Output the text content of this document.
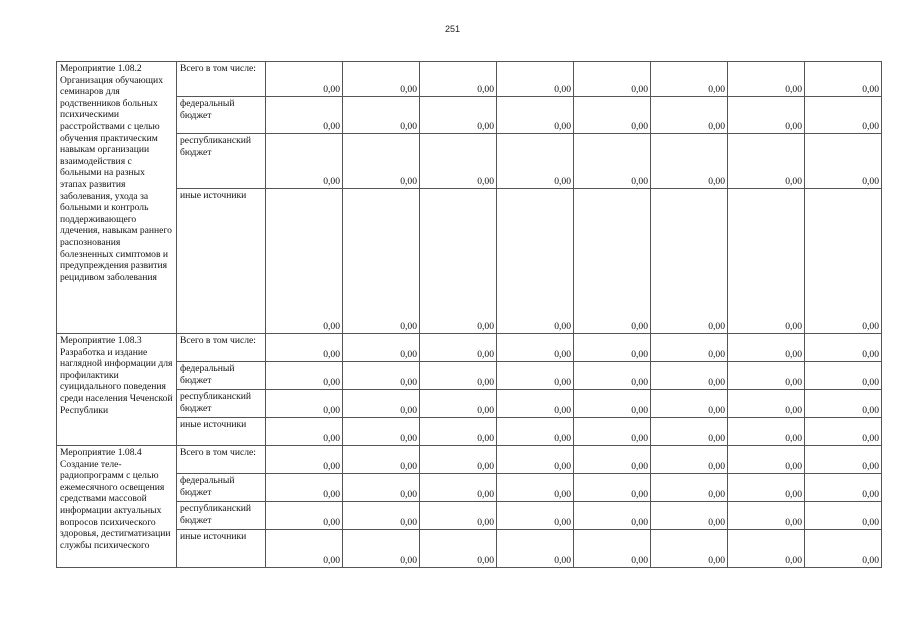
251
Мероприятие 1.08.2 Организация обучающих семинаров для родственников больных психическими расстройствами с целью обучения практическим навыкам организации взаимодействия с больными на разных этапах развития заболевания, ухода за больными и контроль поддерживающего лдечения, навыкам раннего распознования болезненных симптомов и предупреждения развития рецидивом заболевания	Всего в том числе:	0,00	0,00	0,00	0,00	0,00	0,00	0,00	0,00
	федеральный бюджет	0,00	0,00	0,00	0,00	0,00	0,00	0,00	0,00
	республиканский бюджет	0,00	0,00	0,00	0,00	0,00	0,00	0,00	0,00
	иные источники	0,00	0,00	0,00	0,00	0,00	0,00	0,00	0,00
Мероприятие 1.08.3 Разработка и издание наглядной информации для профилактики суицидального поведения среди населения Чеченской Республики	Всего в том числе:	0,00	0,00	0,00	0,00	0,00	0,00	0,00	0,00
	федеральный бюджет	0,00	0,00	0,00	0,00	0,00	0,00	0,00	0,00
	республиканский бюджет	0,00	0,00	0,00	0,00	0,00	0,00	0,00	0,00
	иные источники	0,00	0,00	0,00	0,00	0,00	0,00	0,00	0,00
Мероприятие 1.08.4 Создание теле-радиопрограмм с целью ежемесячного освещения средствами массовой информации актуальных вопросов психического здоровья, дестигматизации службы психического	Всего в том числе:	0,00	0,00	0,00	0,00	0,00	0,00	0,00	0,00
	федеральный бюджет	0,00	0,00	0,00	0,00	0,00	0,00	0,00	0,00
	республиканский бюджет	0,00	0,00	0,00	0,00	0,00	0,00	0,00	0,00
	иные источники	0,00	0,00	0,00	0,00	0,00	0,00	0,00	0,00
